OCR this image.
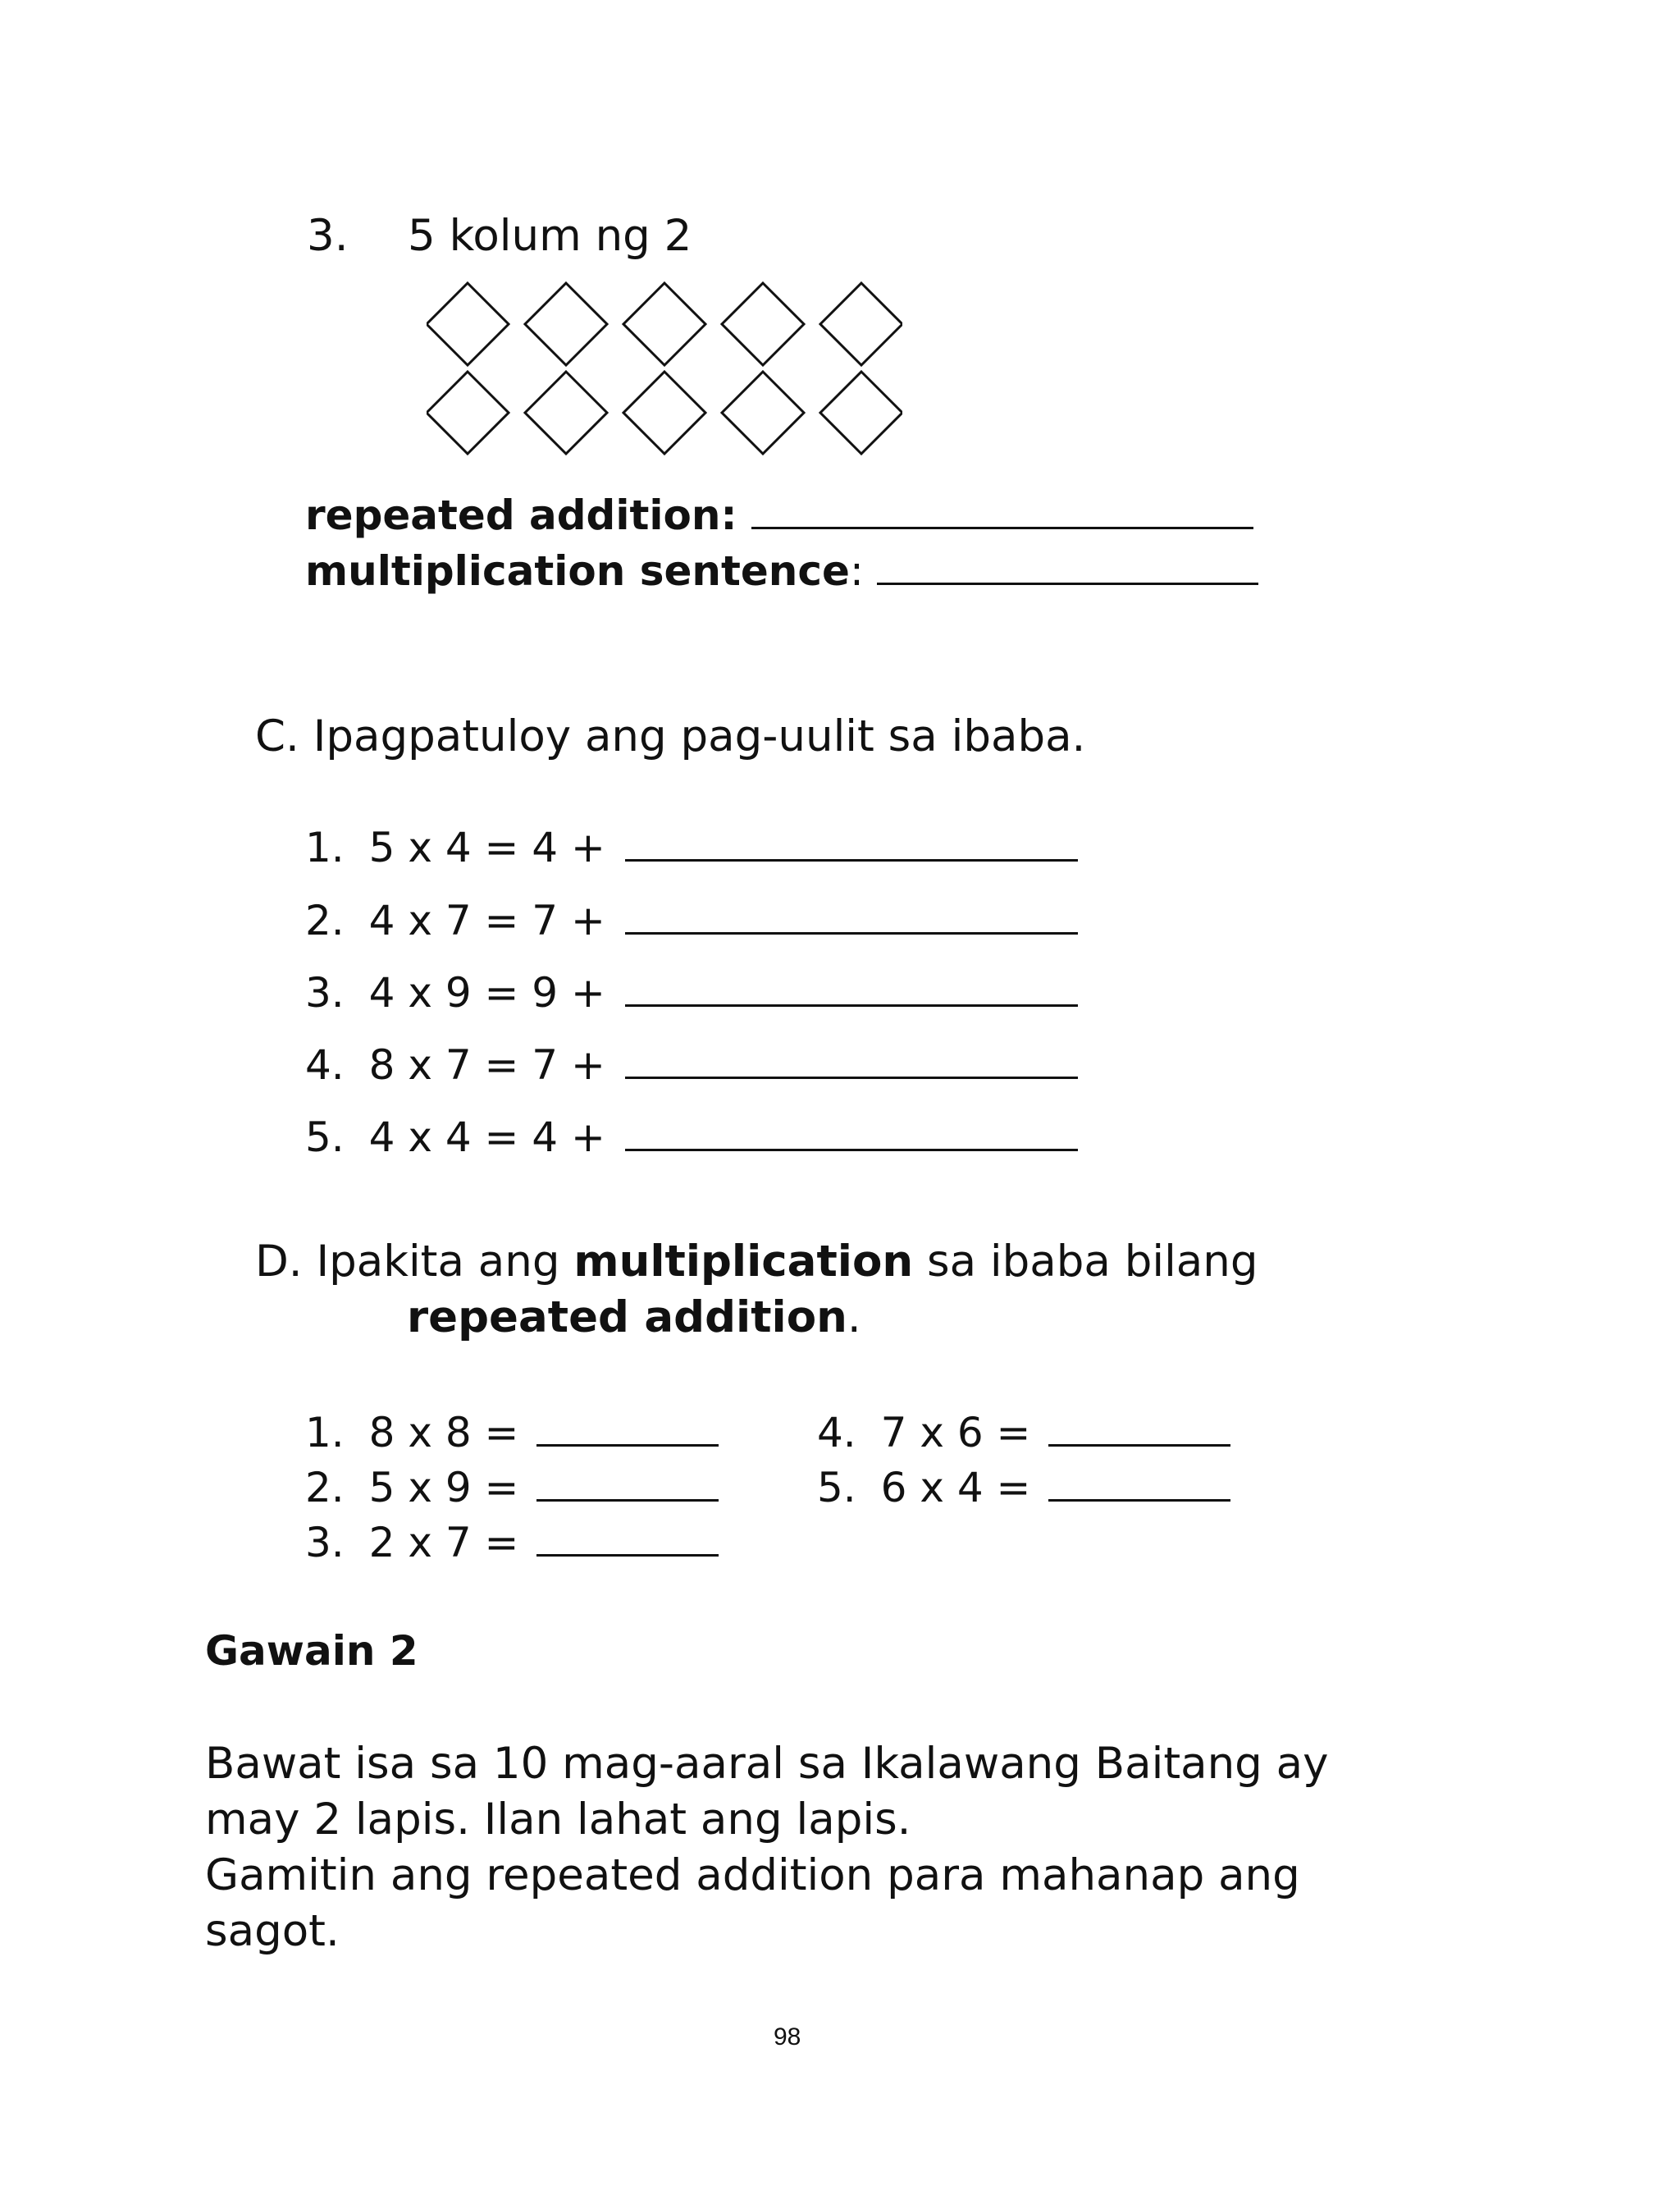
3. 5 kolum ng 2
repeated addition:
multiplication sentence:
C. Ipagpatuloy ang pag-uulit sa ibaba.
1. 5 x 4 = 4 +
2. 4 x 7 = 7 +
3. 4 x 9 = 9 +
4. 8 x 7 = 7 +
5. 4 x 4 = 4 +
D. Ipakita ang multiplication sa ibaba bilang
repeated addition.
1. 8 x 8 =
2. 5 x 9 =
3. 2 x 7 =
4. 7 x 6 =
5. 6 x 4 =
Gawain 2
Bawat isa sa 10 mag-aaral sa Ikalawang Baitang ay
may 2 lapis. Ilan lahat ang lapis.
Gamitin ang repeated addition para mahanap ang
sagot.
98
